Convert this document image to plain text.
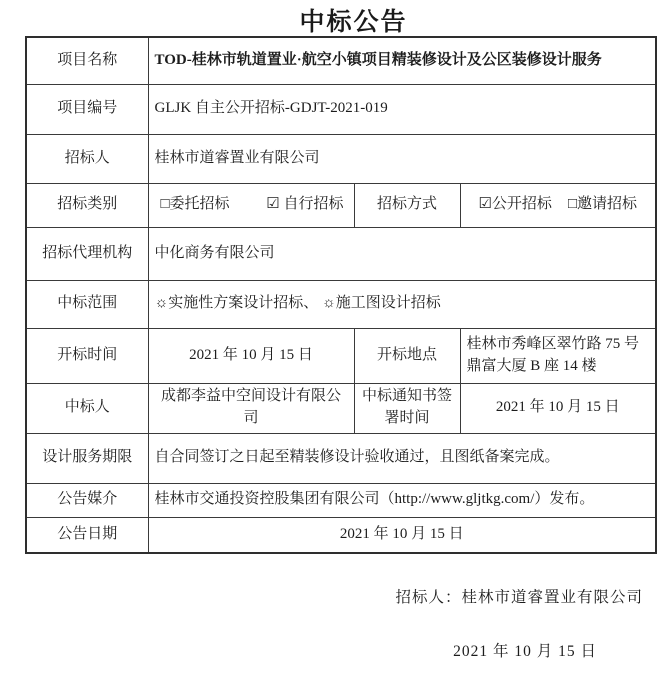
中标公告
项目名称	TOD-桂林市轨道置业·航空小镇项目精装修设计及公区装修设计服务		
项目编号	GLJK 自主公开招标-GDJT-2021-019		
招标人	桂林市道睿置业有限公司		
招标类别	□委托招标 ☑ 自行招标	招标方式	☑公开招标 □邀请招标

招标代理机构	中化商务有限公司		
中标范围	☼实施性方案设计招标、 ☼施工图设计招标		
开标时间	2021 年 10 月 15 日	开标地点	桂林市秀峰区翠竹路 75 号鼎富大厦 B 座 14 楼
中标人	成都李益中空间设计有限公司	中标通知书签署时间	2021 年 10 月 15 日
设计服务期限	自合同签订之日起至精装修设计验收通过，且图纸备案完成。		
公告媒介	桂林市交通投资控股集团有限公司（http://www.gljtkg.com/）发布。		
公告日期	2021 年 10 月 15 日		
招标人：桂林市道睿置业有限公司
2021 年 10 月 15 日
